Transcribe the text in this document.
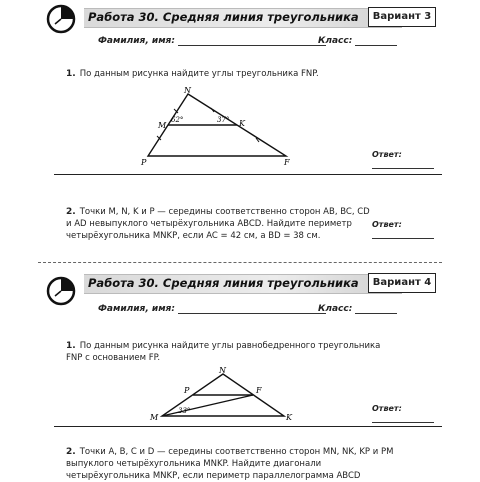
Работа 30. Средняя линия треугольника	Вариант 3
Фамилия, имя:	Класс:
1. По данным рисунка найдите углы треугольника FNP.
N
M	K
P	F
62°	37°
Ответ:
2. Точки M, N, K и P — середины соответственно сторон AB, BC, CD и AD невыпуклого четырёхугольника ABCD. Найдите периметр четырёхугольника MNKP, если AC = 42 см, а BD = 38 см.
Ответ:
Работа 30. Средняя линия треугольника	Вариант 4
Фамилия, имя:	Класс:
1. По данным рисунка найдите углы равнобедренного треугольника FNP с основанием FP.
N
P	F
M	K
33°	Ответ:
2. Точки A, B, C и D — середины соответственно сторон MN, NK, KP и PM выпуклого четырёхугольника MNKP. Найдите диагонали четырёхугольника MNKP, если периметр параллелограмма ABCD
